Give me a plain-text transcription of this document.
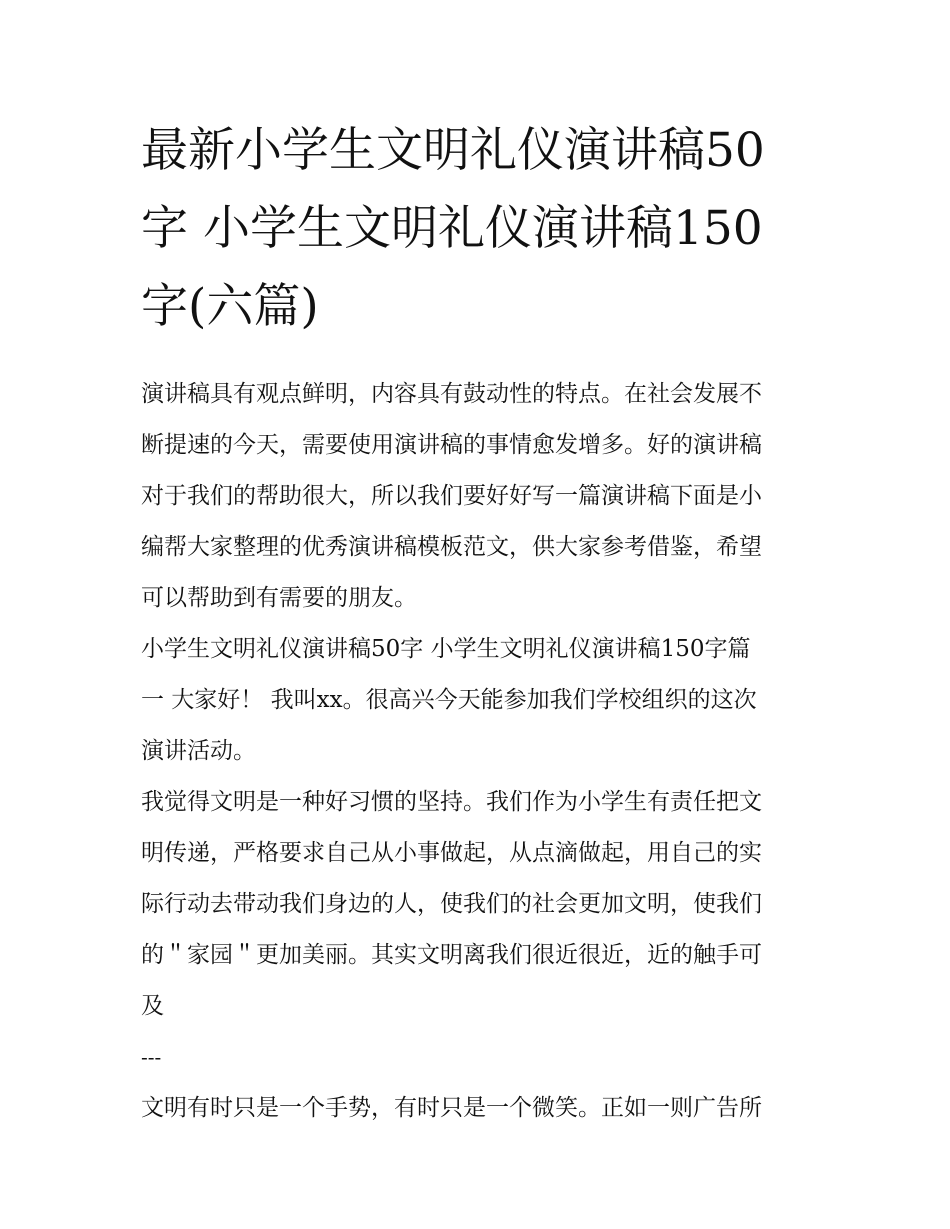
最新小学生文明礼仪演讲稿50
字 小学生文明礼仪演讲稿150
字(六篇)

演讲稿具有观点鲜明，内容具有鼓动性的特点。在社会发展不
断提速的今天，需要使用演讲稿的事情愈发增多。好的演讲稿
对于我们的帮助很大，所以我们要好好写一篇演讲稿下面是小
编帮大家整理的优秀演讲稿模板范文，供大家参考借鉴，希望
可以帮助到有需要的朋友。

小学生文明礼仪演讲稿50字 小学生文明礼仪演讲稿150字篇
一 大家好！ 我叫xx。很高兴今天能参加我们学校组织的这次
演讲活动。

我觉得文明是一种好习惯的坚持。我们作为小学生有责任把文
明传递，严格要求自己从小事做起，从点滴做起，用自己的实
际行动去带动我们身边的人，使我们的社会更加文明，使我们
的＂家园＂更加美丽。其实文明离我们很近很近，近的触手可
及

---

文明有时只是一个手势，有时只是一个微笑。正如一则广告所
